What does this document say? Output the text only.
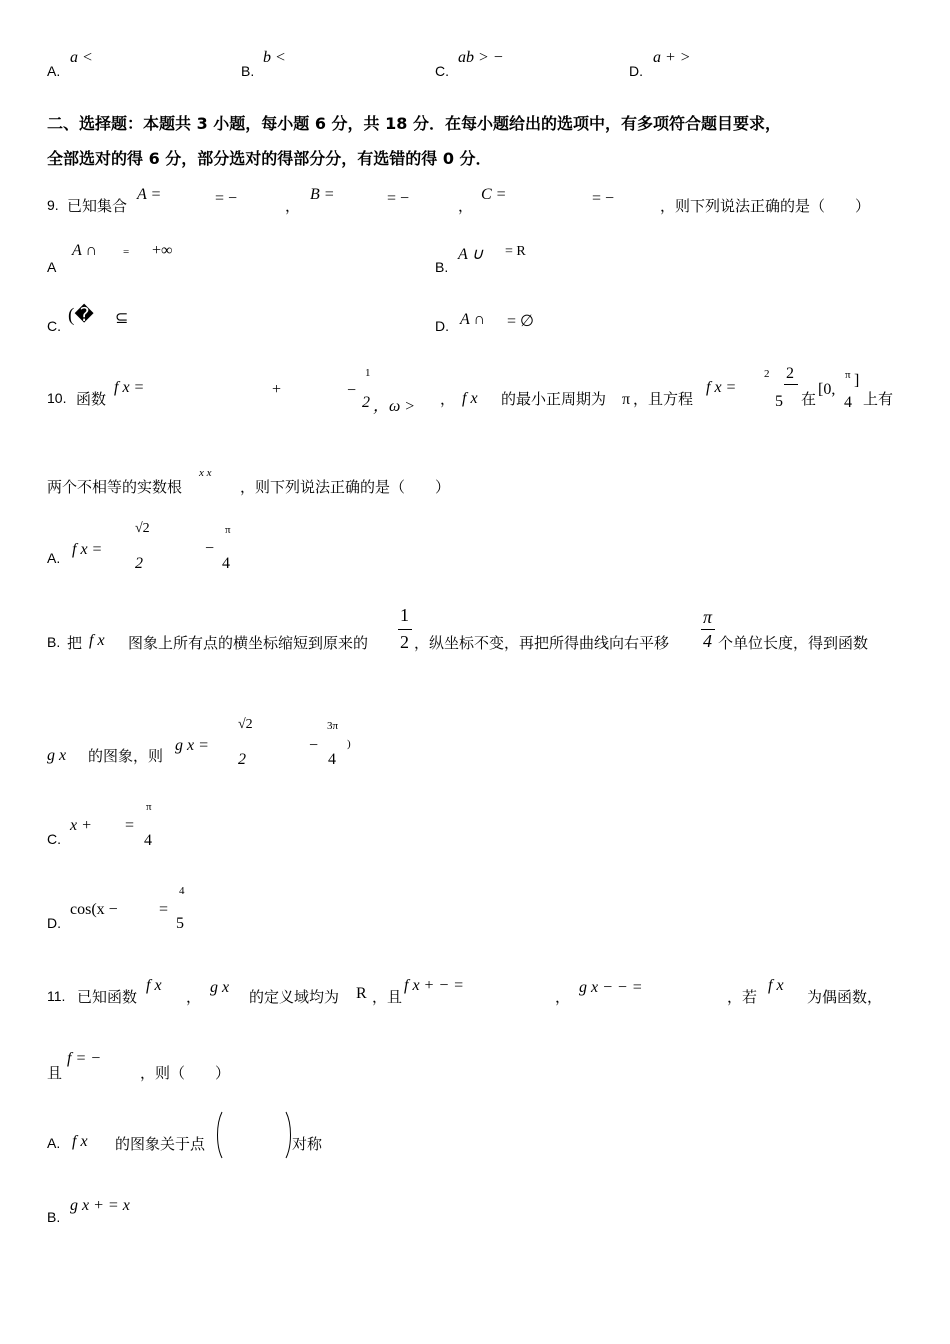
A.
a <
B.
b <
C.
ab > −
D.
a + >
二、选择题：本题共 3 小题，每小题 6 分，共 18 分．在每小题给出的选项中，有多项符合题目要求，
全部选对的得 6 分，部分选对的得部分分，有选错的得 0 分．
9. 已知集合
A =	= −	，
B =	= −	，
C =	= −	，则下列说法正确的是（　　）
A
A ∩ = +∞
B.
A ∪ = R
C. (� ⊆	D. A ∩ = ∅
10. 函数
f x =	+	−
1
2 ，ω > ， f x 的最小正周期为 π ，且方程
f x =
2 2
5 在
[0,
π
4
]
上有
两个不相等的实数根
x x
，则下列说法正确的是（　　）
A. f x =
√2
2
−
π
4
B. 把 f x 图象上所有点的横坐标缩短到原来的
1
2 ，纵坐标不变，再把所得曲线向右平移
π
4 个单位长度，得到函数
g x 的图象，则
g x =
√2
2
−
3π
4
)
C.
x + =
π
4
D.
cos(x −	=
4
5
11. 已知函数
f x
，
g x
的定义域均为 R ，且
f x + − =
，
g x − − =
，若
f x
为偶函数，
且
f = −
，则（　　）
A. f x 的图象关于点	对称
B.
g x + = x
